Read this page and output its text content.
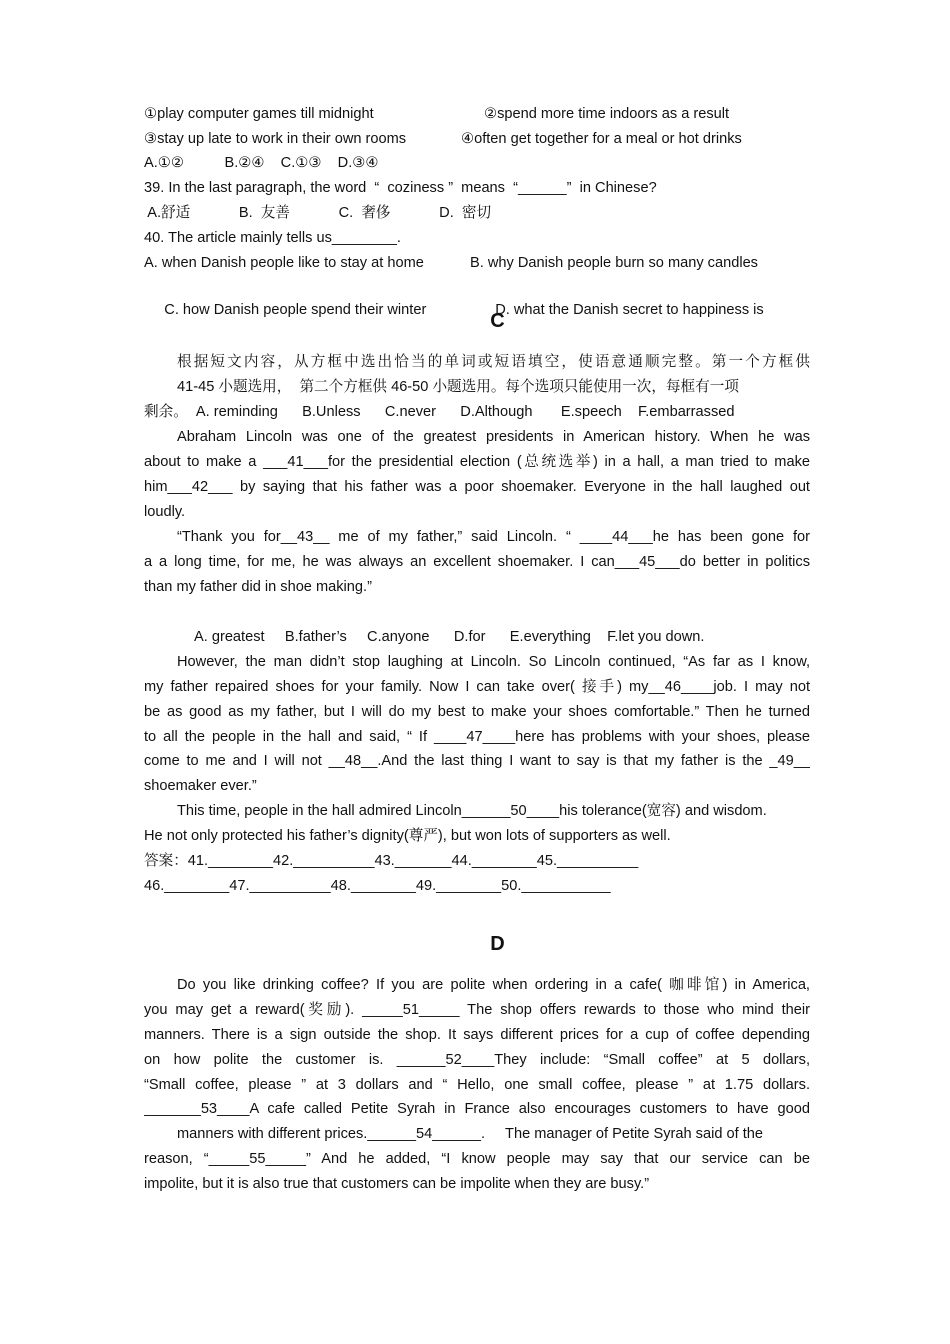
①play computer games till midnight	②spend more time indoors as a result
③stay up late to work in their own rooms	④often get together for a meal or hot drinks
A.①②          B.②④    C.①③    D.③④
39. In the last paragraph, the word  “  coziness ”  means  “______”  in Chinese?
A.舒适            B.  友善            C.  奢侈            D.  密切
40. The article mainly tells us________.
A. when Danish people like to stay at home	B. why Danish people burn so many candles

C. how Danish people spend their winter	D. what the Danish secret to happiness is

C
根据短文内容，从方框中选出恰当的单词或短语填空，使语意通顺完整。第一个方框供
41-45 小题选用，  第二个方框供 46-50 小题选用。每个选项只能使用一次，每框有一项
剩余。  A. reminding      B.Unless      C.never      D.Although       E.speech    F.embarrassed
Abraham Lincoln was one of the greatest presidents in American history. When he was
about to make a ___41___for the presidential election (总统选举) in a hall, a man tried to make
him___42___ by saying that his father was a poor shoemaker. Everyone in the hall laughed out
loudly.
“Thank you for__43__ me of my father,” said Lincoln. “ ____44___he has been gone for
a a long time, for me, he was always an excellent shoemaker. I can___45___do better in politics
than my father did in shoe making.”
A. greatest     B.father’s     C.anyone      D.for      E.everything    F.let you down.
However, the man didn’t stop laughing at Lincoln. So Lincoln continued, “As far as I know,
my father repaired shoes for your family. Now I can take over( 接手) my__46____job. I may not
be as good as my father, but I will do my best to make your shoes comfortable.” Then he turned
to all the people in the hall and said, “ If ____47____here has problems with your shoes, please
come to me and I will not __48__.And the last thing I want to say is that my father is the _49__
shoemaker ever.”
This time, people in the hall admired Lincoln______50____his tolerance(宽容) and wisdom.
He not only protected his father’s dignity(尊严), but won lots of supporters as well.
答案：41.________42.__________43._______44.________45.__________
46.________47.__________48.________49.________50.___________
D
Do you like drinking coffee? If you are polite when ordering in a cafe( 咖啡馆) in America,
you may get a reward(奖励). _____51_____ The shop offers rewards to those who mind their
manners. There is a sign outside the shop. It says different prices for a cup of coffee depending
on how polite the customer is. ______52____They include: “Small coffee” at 5 dollars,
“Small coffee, please ” at 3 dollars and “ Hello, one small coffee, please ” at 1.75 dollars.
_______53____A cafe called Petite Syrah in France also encourages customers to have good
manners with different prices.______54______.     The manager of Petite Syrah said of the
reason, “_____55_____” And he added, “I know people may say that our service can be
impolite, but it is also true that customers can be impolite when they are busy.”
